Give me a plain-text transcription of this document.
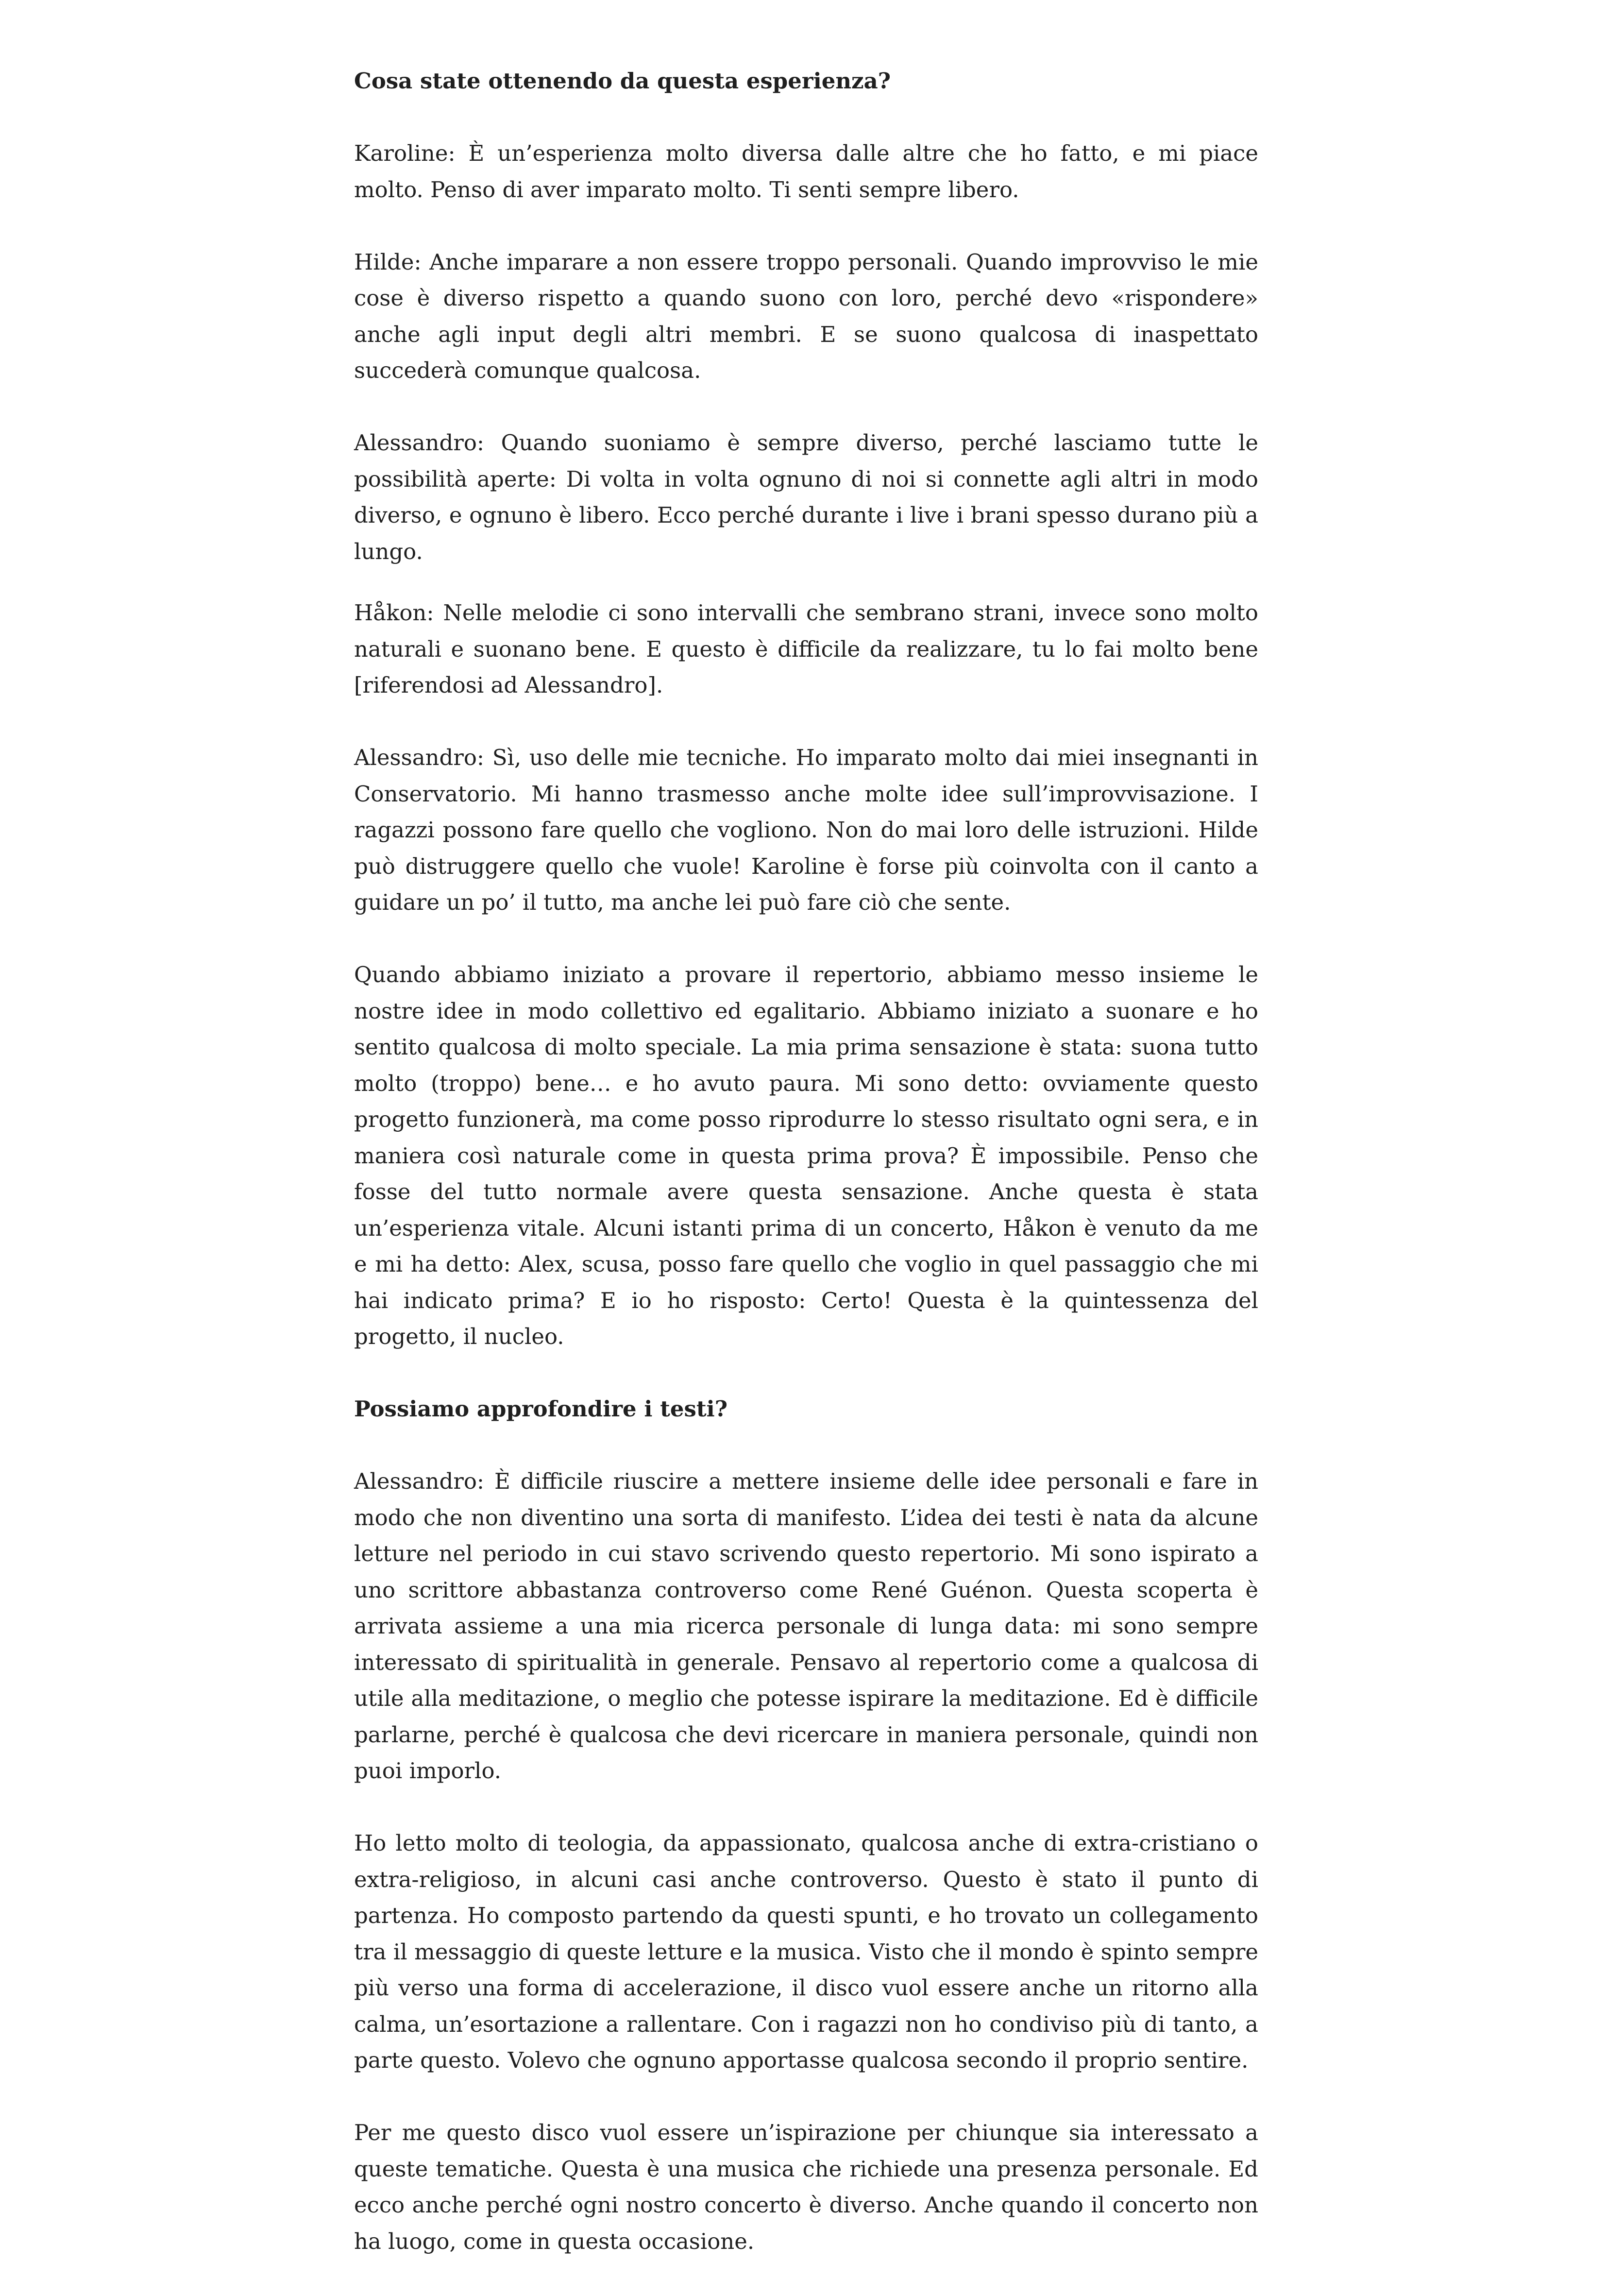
Cosa state ottenendo da questa esperienza?

Karoline: È un’esperienza molto diversa dalle altre che ho fatto, e mi piace molto. Penso di aver imparato molto. Ti senti sempre libero.

Hilde: Anche imparare a non essere troppo personali. Quando improvviso le mie cose è diverso rispetto a quando suono con loro, perché devo «rispondere» anche agli input degli altri membri. E se suono qualcosa di inaspettato succederà comunque qualcosa.

Alessandro: Quando suoniamo è sempre diverso, perché lasciamo tutte le possibilità aperte: Di volta in volta ognuno di noi si connette agli altri in modo diverso, e ognuno è libero. Ecco perché durante i live i brani spesso durano più a lungo.

Håkon: Nelle melodie ci sono intervalli che sembrano strani, invece sono molto naturali e suonano bene. E questo è difficile da realizzare, tu lo fai molto bene [riferendosi ad Alessandro].

Alessandro: Sì, uso delle mie tecniche. Ho imparato molto dai miei insegnanti in Conservatorio. Mi hanno trasmesso anche molte idee sull’improvvisazione. I ragazzi possono fare quello che vogliono. Non do mai loro delle istruzioni. Hilde può distruggere quello che vuole! Karoline è forse più coinvolta con il canto a guidare un po’ il tutto, ma anche lei può fare ciò che sente.

Quando abbiamo iniziato a provare il repertorio, abbiamo messo insieme le nostre idee in modo collettivo ed egalitario. Abbiamo iniziato a suonare e ho sentito qualcosa di molto speciale. La mia prima sensazione è stata: suona tutto molto (troppo) bene… e ho avuto paura. Mi sono detto: ovviamente questo progetto funzionerà, ma come posso riprodurre lo stesso risultato ogni sera, e in maniera così naturale come in questa prima prova? È impossibile. Penso che fosse del tutto normale avere questa sensazione. Anche questa è stata un’esperienza vitale. Alcuni istanti prima di un concerto, Håkon è venuto da me e mi ha detto: Alex, scusa, posso fare quello che voglio in quel passaggio che mi hai indicato prima? E io ho risposto: Certo! Questa è la quintessenza del progetto, il nucleo.

Possiamo approfondire i testi?

Alessandro: È difficile riuscire a mettere insieme delle idee personali e fare in modo che non diventino una sorta di manifesto. L’idea dei testi è nata da alcune letture nel periodo in cui stavo scrivendo questo repertorio. Mi sono ispirato a uno scrittore abbastanza controverso come René Guénon. Questa scoperta è arrivata assieme a una mia ricerca personale di lunga data: mi sono sempre interessato di spiritualità in generale. Pensavo al repertorio come a qualcosa di utile alla meditazione, o meglio che potesse ispirare la meditazione. Ed è difficile parlarne, perché è qualcosa che devi ricercare in maniera personale, quindi non puoi imporlo.

Ho letto molto di teologia, da appassionato, qualcosa anche di extra-cristiano o extra-religioso, in alcuni casi anche controverso. Questo è stato il punto di partenza. Ho composto partendo da questi spunti, e ho trovato un collegamento tra il messaggio di queste letture e la musica. Visto che il mondo è spinto sempre più verso una forma di accelerazione, il disco vuol essere anche un ritorno alla calma, un’esortazione a rallentare. Con i ragazzi non ho condiviso più di tanto, a parte questo. Volevo che ognuno apportasse qualcosa secondo il proprio sentire.

Per me questo disco vuol essere un’ispirazione per chiunque sia interessato a queste tematiche. Questa è una musica che richiede una presenza personale. Ed ecco anche perché ogni nostro concerto è diverso. Anche quando il concerto non ha luogo, come in questa occasione.
